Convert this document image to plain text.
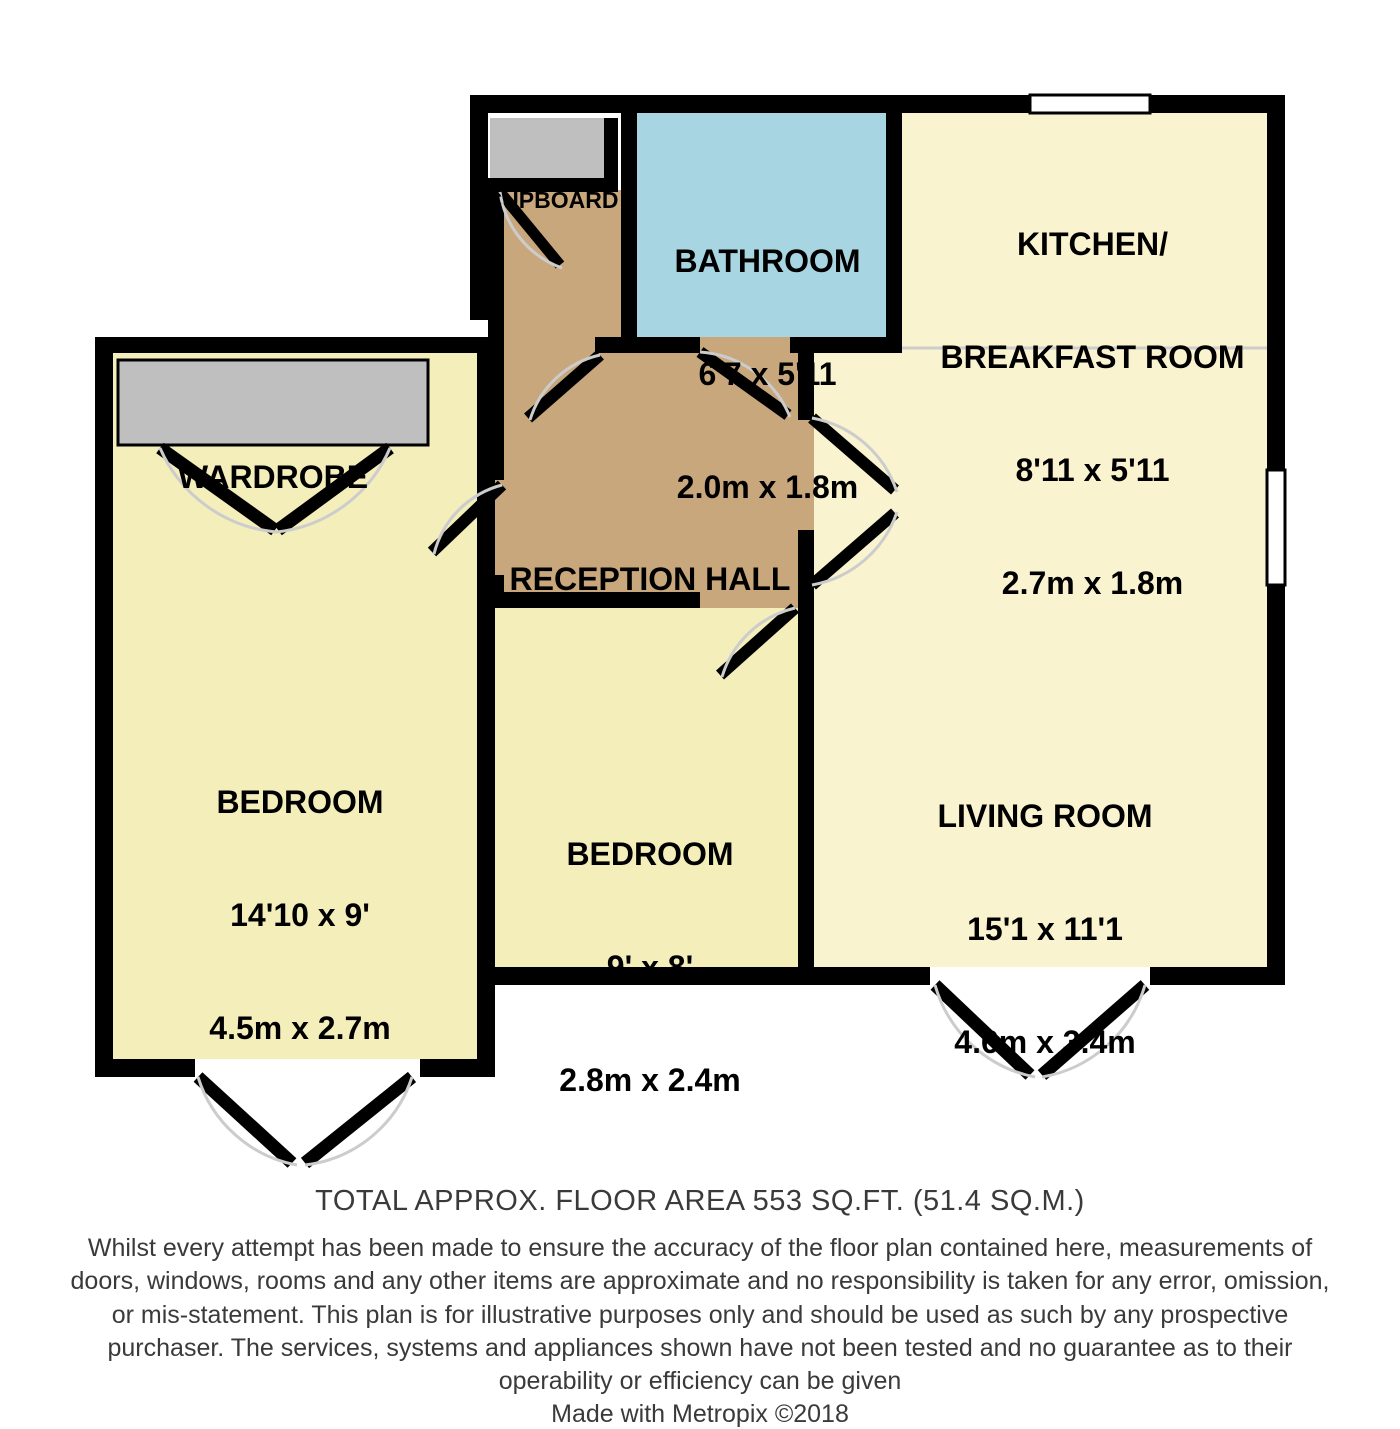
CUPBOARD

BATHROOM

6'7 x 5'11

2.0m x 1.8m

KITCHEN/

BREAKFAST ROOM

8'11 x 5'11

2.7m x 1.8m

WARDROBE

RECEPTION HALL

BEDROOM

14'10 x 9'

4.5m x 2.7m

BEDROOM

9' x 8'

2.8m x 2.4m

LIVING ROOM

15'1 x 11'1

4.6m x 3.4m

TOTAL APPROX. FLOOR AREA 553 SQ.FT. (51.4 SQ.M.)
Whilst every attempt has been made to ensure the accuracy of the floor plan contained here, measurements of doors, windows, rooms and any other items are approximate and no responsibility is taken for any error, omission, or mis-statement. This plan is for illustrative purposes only and should be used as such by any prospective purchaser. The services, systems and appliances shown have not been tested and no guarantee as to their operability or efficiency can be given
Made with Metropix ©2018
